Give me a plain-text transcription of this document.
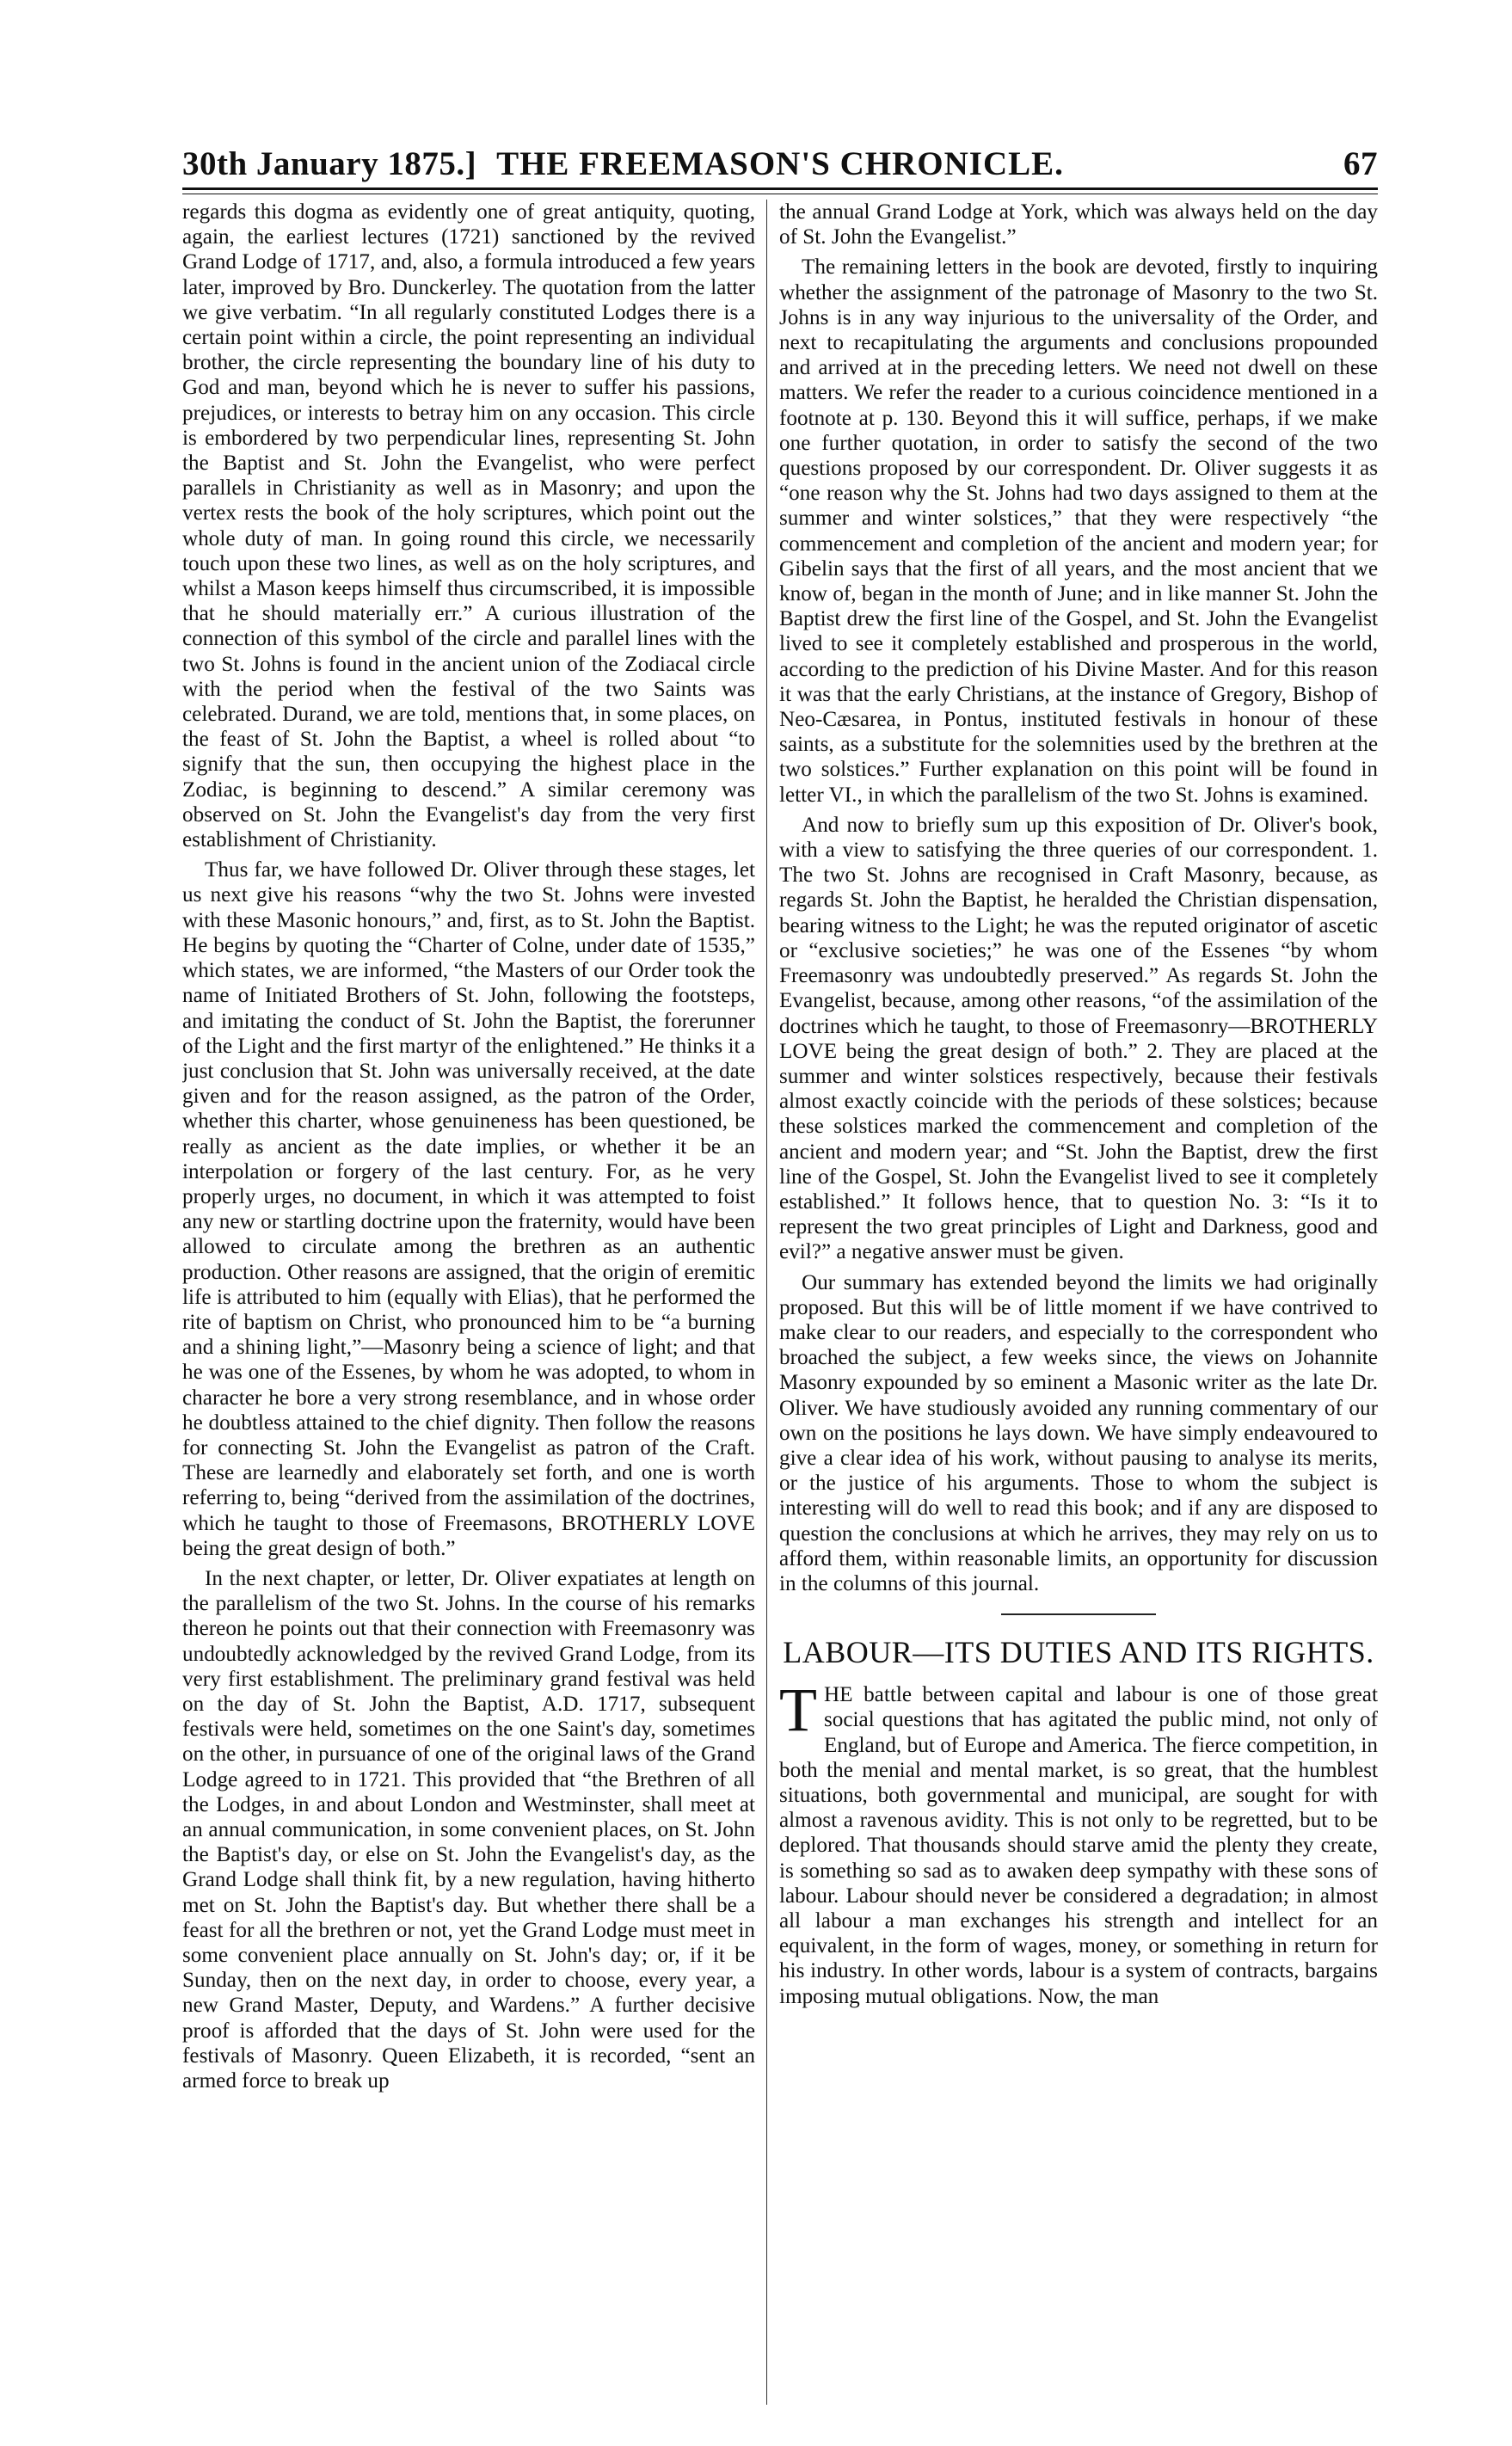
30th January 1875.] THE FREEMASON'S CHRONICLE.	67

regards this dogma as evidently one of great antiquity, quoting, again, the earliest lectures (1721) sanctioned by the revived Grand Lodge of 1717, and, also, a formula introduced a few years later, improved by Bro. Dunckerley. The quotation from the latter we give verbatim. “In all regularly constituted Lodges there is a certain point within a circle, the point representing an individual brother, the circle representing the boundary line of his duty to God and man, beyond which he is never to suffer his passions, prejudices, or interests to betray him on any occasion. This circle is embordered by two perpendicular lines, representing St. John the Baptist and St. John the Evangelist, who were perfect parallels in Christianity as well as in Masonry; and upon the vertex rests the book of the holy scriptures, which point out the whole duty of man. In going round this circle, we necessarily touch upon these two lines, as well as on the holy scriptures, and whilst a Mason keeps himself thus circumscribed, it is impossible that he should materially err.” A curious illustration of the connection of this symbol of the circle and parallel lines with the two St. Johns is found in the ancient union of the Zodiacal circle with the period when the festival of the two Saints was celebrated. Durand, we are told, mentions that, in some places, on the feast of St. John the Baptist, a wheel is rolled about “to signify that the sun, then occupying the highest place in the Zodiac, is beginning to descend.” A similar ceremony was observed on St. John the Evangelist's day from the very first establishment of Christianity.

Thus far, we have followed Dr. Oliver through these stages, let us next give his reasons “why the two St. Johns were invested with these Masonic honours,” and, first, as to St. John the Baptist. He begins by quoting the “Charter of Colne, under date of 1535,” which states, we are informed, “the Masters of our Order took the name of Initiated Brothers of St. John, following the footsteps, and imitating the conduct of St. John the Baptist, the forerunner of the Light and the first martyr of the enlightened.” He thinks it a just conclusion that St. John was universally received, at the date given and for the reason assigned, as the patron of the Order, whether this charter, whose genuineness has been questioned, be really as ancient as the date implies, or whether it be an interpolation or forgery of the last century. For, as he very properly urges, no document, in which it was attempted to foist any new or startling doctrine upon the fraternity, would have been allowed to circulate among the brethren as an authentic production. Other reasons are assigned, that the origin of eremitic life is attributed to him (equally with Elias), that he performed the rite of baptism on Christ, who pronounced him to be “a burning and a shining light,”—Masonry being a science of light; and that he was one of the Essenes, by whom he was adopted, to whom in character he bore a very strong resemblance, and in whose order he doubtless attained to the chief dignity. Then follow the reasons for connecting St. John the Evangelist as patron of the Craft. These are learnedly and elaborately set forth, and one is worth referring to, being “derived from the assimilation of the doctrines, which he taught to those of Freemasons, BROTHERLY LOVE being the great design of both.”

In the next chapter, or letter, Dr. Oliver expatiates at length on the parallelism of the two St. Johns. In the course of his remarks thereon he points out that their connection with Freemasonry was undoubtedly acknowledged by the revived Grand Lodge, from its very first establishment. The preliminary grand festival was held on the day of St. John the Baptist, A.D. 1717, subsequent festivals were held, sometimes on the one Saint's day, sometimes on the other, in pursuance of one of the original laws of the Grand Lodge agreed to in 1721. This provided that “the Brethren of all the Lodges, in and about London and Westminster, shall meet at an annual communication, in some convenient places, on St. John the Baptist's day, or else on St. John the Evangelist's day, as the Grand Lodge shall think fit, by a new regulation, having hitherto met on St. John the Baptist's day. But whether there shall be a feast for all the brethren or not, yet the Grand Lodge must meet in some convenient place annually on St. John's day; or, if it be Sunday, then on the next day, in order to choose, every year, a new Grand Master, Deputy, and Wardens.” A further decisive proof is afforded that the days of St. John were used for the festivals of Masonry. Queen Elizabeth, it is recorded, “sent an armed force to break up

the annual Grand Lodge at York, which was always held on the day of St. John the Evangelist.”

The remaining letters in the book are devoted, firstly to inquiring whether the assignment of the patronage of Masonry to the two St. Johns is in any way injurious to the universality of the Order, and next to recapitulating the arguments and conclusions propounded and arrived at in the preceding letters. We need not dwell on these matters. We refer the reader to a curious coincidence mentioned in a footnote at p. 130. Beyond this it will suffice, perhaps, if we make one further quotation, in order to satisfy the second of the two questions proposed by our correspondent. Dr. Oliver suggests it as “one reason why the St. Johns had two days assigned to them at the summer and winter solstices,” that they were respectively “the commencement and completion of the ancient and modern year; for Gibelin says that the first of all years, and the most ancient that we know of, began in the month of June; and in like manner St. John the Baptist drew the first line of the Gospel, and St. John the Evangelist lived to see it completely established and prosperous in the world, according to the prediction of his Divine Master. And for this reason it was that the early Christians, at the instance of Gregory, Bishop of Neo-Cæsarea, in Pontus, instituted festivals in honour of these saints, as a substitute for the solemnities used by the brethren at the two solstices.” Further explanation on this point will be found in letter VI., in which the parallelism of the two St. Johns is examined.

And now to briefly sum up this exposition of Dr. Oliver's book, with a view to satisfying the three queries of our correspondent. 1. The two St. Johns are recognised in Craft Masonry, because, as regards St. John the Baptist, he heralded the Christian dispensation, bearing witness to the Light; he was the reputed originator of ascetic or “exclusive societies;” he was one of the Essenes “by whom Freemasonry was undoubtedly preserved.” As regards St. John the Evangelist, because, among other reasons, “of the assimilation of the doctrines which he taught, to those of Freemasonry—BROTHERLY LOVE being the great design of both.” 2. They are placed at the summer and winter solstices respectively, because their festivals almost exactly coincide with the periods of these solstices; because these solstices marked the commencement and completion of the ancient and modern year; and “St. John the Baptist, drew the first line of the Gospel, St. John the Evangelist lived to see it completely established.” It follows hence, that to question No. 3: “Is it to represent the two great principles of Light and Darkness, good and evil?” a negative answer must be given.

Our summary has extended beyond the limits we had originally proposed. But this will be of little moment if we have contrived to make clear to our readers, and especially to the correspondent who broached the subject, a few weeks since, the views on Johannite Masonry expounded by so eminent a Masonic writer as the late Dr. Oliver. We have studiously avoided any running commentary of our own on the positions he lays down. We have simply endeavoured to give a clear idea of his work, without pausing to analyse its merits, or the justice of his arguments. Those to whom the subject is interesting will do well to read this book; and if any are disposed to question the conclusions at which he arrives, they may rely on us to afford them, within reasonable limits, an opportunity for discussion in the columns of this journal.

LABOUR—ITS DUTIES AND ITS RIGHTS.

THE battle between capital and labour is one of those great social questions that has agitated the public mind, not only of England, but of Europe and America. The fierce competition, in both the menial and mental market, is so great, that the humblest situations, both governmental and municipal, are sought for with almost a ravenous avidity. This is not only to be regretted, but to be deplored. That thousands should starve amid the plenty they create, is something so sad as to awaken deep sympathy with these sons of labour. Labour should never be considered a degradation; in almost all labour a man exchanges his strength and intellect for an equivalent, in the form of wages, money, or something in return for his industry. In other words, labour is a system of contracts, bargains imposing mutual obligations. Now, the man
